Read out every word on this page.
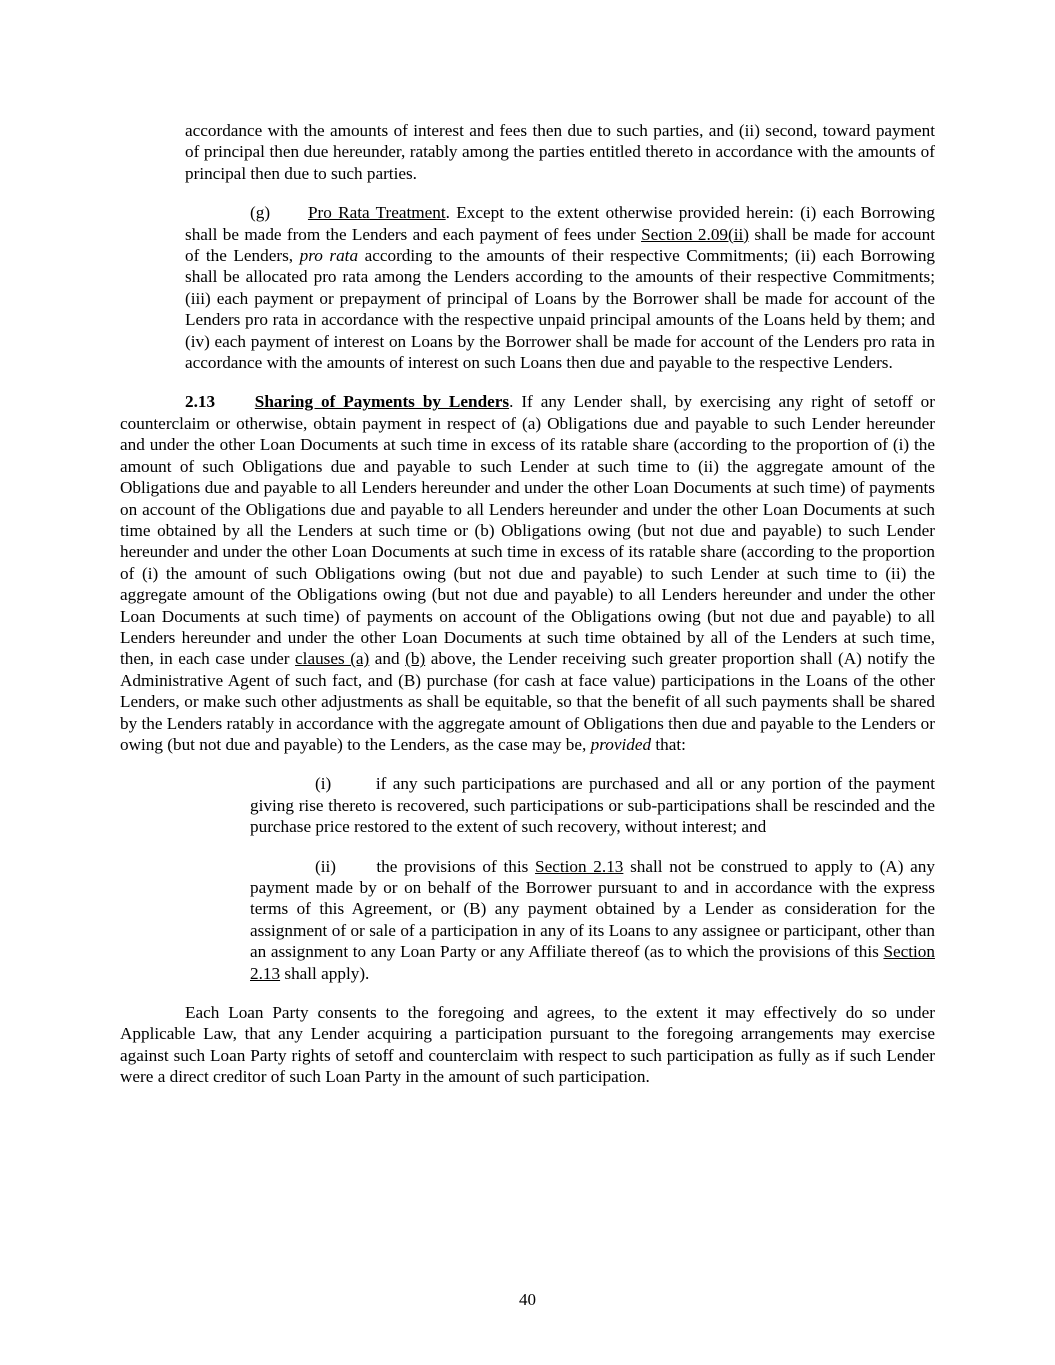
accordance with the amounts of interest and fees then due to such parties, and (ii) second, toward payment of principal then due hereunder, ratably among the parties entitled thereto in accordance with the amounts of principal then due to such parties.

(g) Pro Rata Treatment. Except to the extent otherwise provided herein: (i) each Borrowing shall be made from the Lenders and each payment of fees under Section 2.09(ii) shall be made for account of the Lenders, pro rata according to the amounts of their respective Commitments; (ii) each Borrowing shall be allocated pro rata among the Lenders according to the amounts of their respective Commitments; (iii) each payment or prepayment of principal of Loans by the Borrower shall be made for account of the Lenders pro rata in accordance with the respective unpaid principal amounts of the Loans held by them; and (iv) each payment of interest on Loans by the Borrower shall be made for account of the Lenders pro rata in accordance with the amounts of interest on such Loans then due and payable to the respective Lenders.

2.13 Sharing of Payments by Lenders. If any Lender shall, by exercising any right of setoff or counterclaim or otherwise, obtain payment in respect of (a) Obligations due and payable to such Lender hereunder and under the other Loan Documents at such time in excess of its ratable share (according to the proportion of (i) the amount of such Obligations due and payable to such Lender at such time to (ii) the aggregate amount of the Obligations due and payable to all Lenders hereunder and under the other Loan Documents at such time) of payments on account of the Obligations due and payable to all Lenders hereunder and under the other Loan Documents at such time obtained by all the Lenders at such time or (b) Obligations owing (but not due and payable) to such Lender hereunder and under the other Loan Documents at such time in excess of its ratable share (according to the proportion of (i) the amount of such Obligations owing (but not due and payable) to such Lender at such time to (ii) the aggregate amount of the Obligations owing (but not due and payable) to all Lenders hereunder and under the other Loan Documents at such time) of payments on account of the Obligations owing (but not due and payable) to all Lenders hereunder and under the other Loan Documents at such time obtained by all of the Lenders at such time, then, in each case under clauses (a) and (b) above, the Lender receiving such greater proportion shall (A) notify the Administrative Agent of such fact, and (B) purchase (for cash at face value) participations in the Loans of the other Lenders, or make such other adjustments as shall be equitable, so that the benefit of all such payments shall be shared by the Lenders ratably in accordance with the aggregate amount of Obligations then due and payable to the Lenders or owing (but not due and payable) to the Lenders, as the case may be, provided that:

(i)	if any such participations are purchased and all or any portion of the payment giving rise thereto is recovered, such participations or sub-participations shall be rescinded and the purchase price restored to the extent of such recovery, without interest; and

(ii) the provisions of this Section 2.13 shall not be construed to apply to (A) any payment made by or on behalf of the Borrower pursuant to and in accordance with the express terms of this Agreement, or (B) any payment obtained by a Lender as consideration for the assignment of or sale of a participation in any of its Loans to any assignee or participant, other than an assignment to any Loan Party or any Affiliate thereof (as to which the provisions of this Section 2.13 shall apply).

Each Loan Party consents to the foregoing and agrees, to the extent it may effectively do so under Applicable Law, that any Lender acquiring a participation pursuant to the foregoing arrangements may exercise against such Loan Party rights of setoff and counterclaim with respect to such participation as fully as if such Lender were a direct creditor of such Loan Party in the amount of such participation.

40
